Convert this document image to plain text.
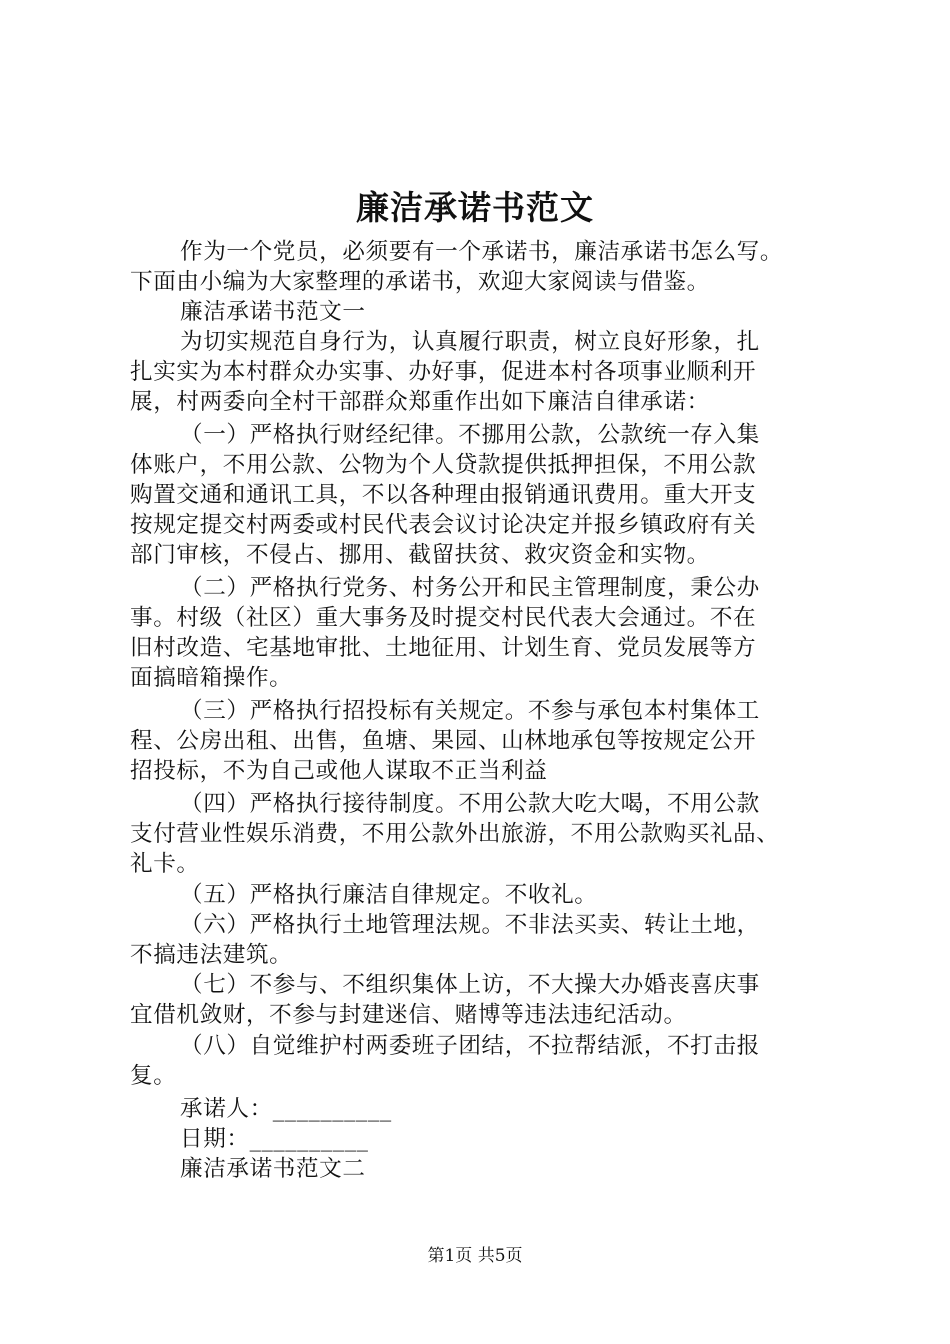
廉洁承诺书范文
作为一个党员，必须要有一个承诺书，廉洁承诺书怎么写。
下面由小编为大家整理的承诺书，欢迎大家阅读与借鉴。
廉洁承诺书范文一
为切实规范自身行为，认真履行职责，树立良好形象，扎
扎实实为本村群众办实事、办好事，促进本村各项事业顺利开
展，村两委向全村干部群众郑重作出如下廉洁自律承诺：
（一）严格执行财经纪律。不挪用公款，公款统一存入集
体账户，不用公款、公物为个人贷款提供抵押担保，不用公款
购置交通和通讯工具，不以各种理由报销通讯费用。重大开支
按规定提交村两委或村民代表会议讨论决定并报乡镇政府有关
部门审核，不侵占、挪用、截留扶贫、救灾资金和实物。
（二）严格执行党务、村务公开和民主管理制度，秉公办
事。村级（社区）重大事务及时提交村民代表大会通过。不在
旧村改造、宅基地审批、土地征用、计划生育、党员发展等方
面搞暗箱操作。
（三）严格执行招投标有关规定。不参与承包本村集体工
程、公房出租、出售，鱼塘、果园、山林地承包等按规定公开
招投标，不为自己或他人谋取不正当利益
（四）严格执行接待制度。不用公款大吃大喝，不用公款
支付营业性娱乐消费，不用公款外出旅游，不用公款购买礼品、
礼卡。
（五）严格执行廉洁自律规定。不收礼。
（六）严格执行土地管理法规。不非法买卖、转让土地，
不搞违法建筑。
（七）不参与、不组织集体上访，不大操大办婚丧喜庆事
宜借机敛财，不参与封建迷信、赌博等违法违纪活动。
（八）自觉维护村两委班子团结，不拉帮结派，不打击报
复。
承诺人：__________
日期：__________
廉洁承诺书范文二
第1页 共5页
